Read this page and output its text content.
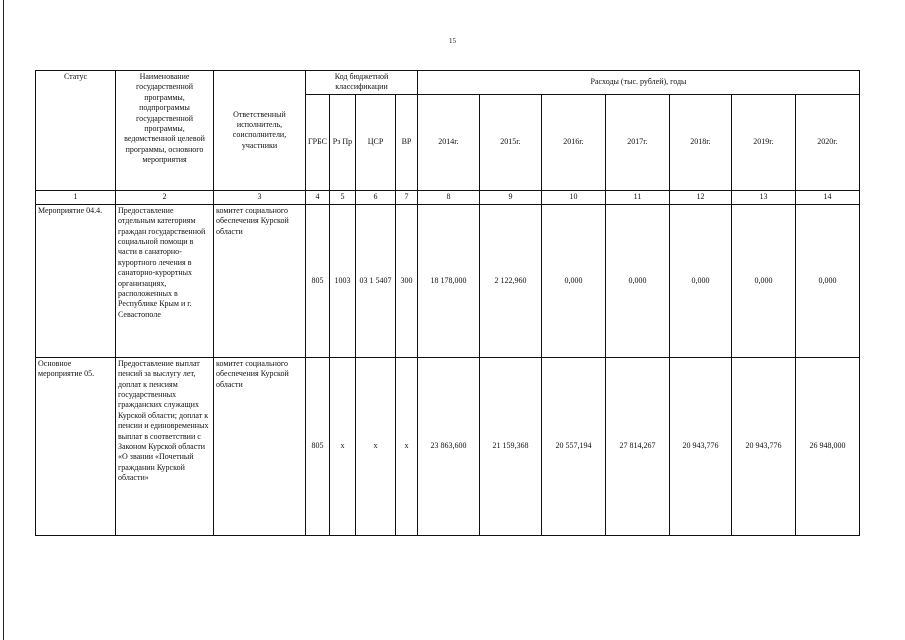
15
Статус	Наименование государственной программы, подпрограммы государственной программы, ведомственной целевой программы, основного мероприятия	Ответственный исполнитель, соисполнители, участники	Код бюджетной классификации				Расходы (тыс. рублей), годы						
			ГРБС	Рз Пр	ЦСР	ВР	2014г.	2015г.	2016г.	2017г.	2018г.	2019г.	2020г.
1	2	3	4	5	6	7	8	9	10	11	12	13	14
Мероприятие 04.4.	Предоставление отдельным категориям граждан государственной социальной помощи в части в санаторно-курортного лечения в санаторно-курортных организациях, расположенных в Республике Крым и г. Севастополе	комитет социального обеспечения Курской области	805	1003	03 1 5407	300	18 178,000	2 122,960	0,000	0,000	0,000	0,000	0,000
Основное мероприятие 05.	Предоставление выплат пенсий за выслугу лет, доплат к пенсиям государственных гражданских служащих Курской области; доплат к пенсии и единовременных выплат в соответствии с Законом Курской области «О звании «Почетный гражданин Курской области»	комитет социального обеспечения Курской области	805	х	х	х	23 863,600	21 159,368	20 557,194	27 814,267	20 943,776	20 943,776	26 948,000
